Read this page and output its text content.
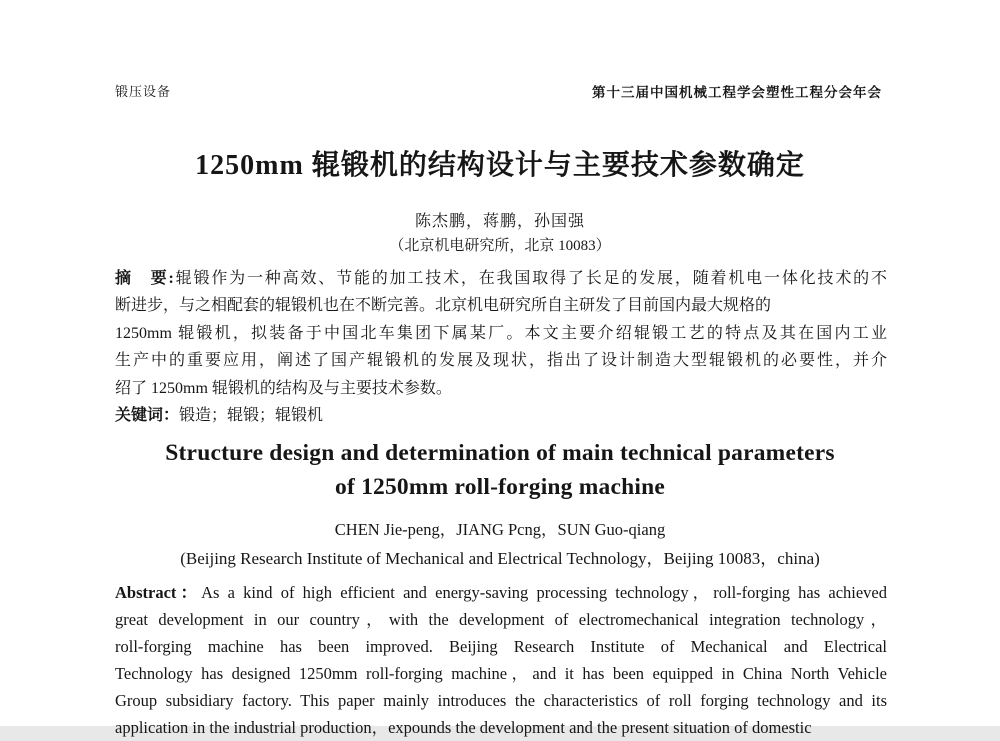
锻压设备	第十三届中国机械工程学会塑性工程分会年会
1250mm 辊锻机的结构设计与主要技术参数确定
陈杰鹏，蒋鹏，孙国强
（北京机电研究所，北京 10083）
摘　要:辊锻作为一种高效、节能的加工技术，在我国取得了长足的发展，随着机电一体化技术的不
断进步，与之相配套的辊锻机也在不断完善。北京机电研究所自主研发了目前国内最大规格的
1250mm 辊锻机，拟装备于中国北车集团下属某厂。本文主要介绍辊锻工艺的特点及其在国内工业
生产中的重要应用，阐述了国产辊锻机的发展及现状，指出了设计制造大型辊锻机的必要性，并介
绍了 1250mm 辊锻机的结构及与主要技术参数。
关键词：锻造；辊锻；辊锻机
Structure design and determination of main technical parameters
of 1250mm roll-forging machine
CHEN Jie-peng，JIANG Pcng，SUN Guo-qiang
(Beijing Research Institute of Mechanical and Electrical Technology，Beijing 10083，china)
Abstract：As a kind of high efficient and energy-saving processing technology，roll-forging has achieved
great development in our country，with the development of electromechanical integration technology，
roll-forging machine has been improved. Beijing Research Institute of Mechanical and Electrical
Technology has designed 1250mm roll-forging machine，and it has been equipped in China North Vehicle
Group subsidiary factory. This paper mainly introduces the characteristics of roll forging technology and its
application in the industrial production，expounds the development and the present situation of domestic
